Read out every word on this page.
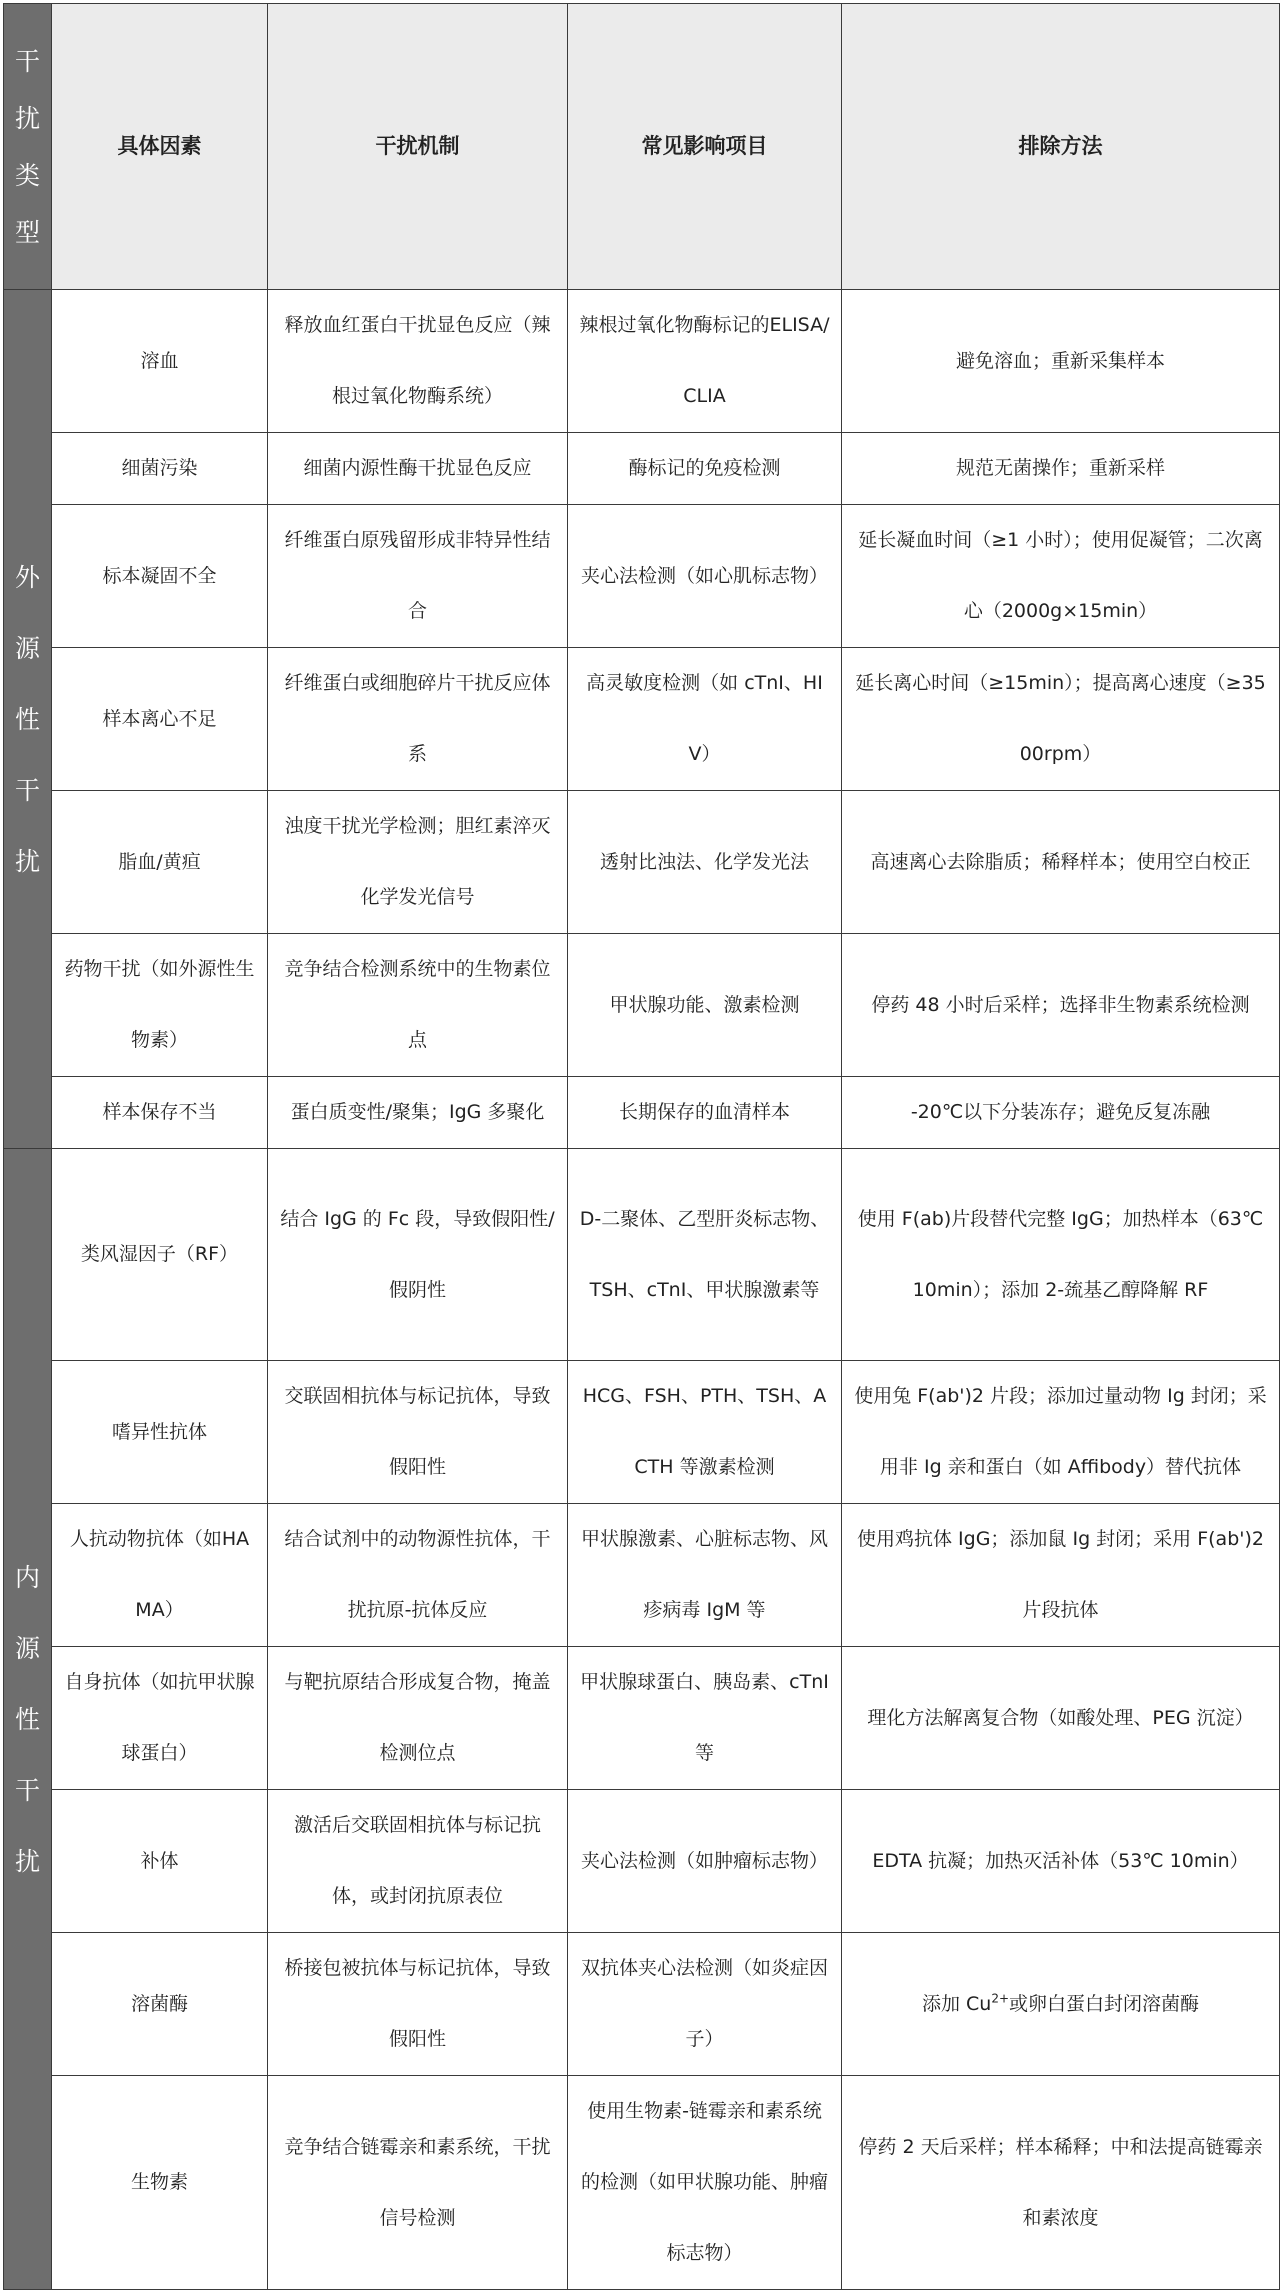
干 扰 类 型	具体因素	干扰机制	常见影响项目	排除方法

外
源
性
干
扰	溶血	释放血红蛋白干扰显色反应（辣根过氧化物酶系统）	辣根过氧化物酶标记的ELISA/CLIA	避免溶血；重新采集样本
	细菌污染	细菌内源性酶干扰显色反应	酶标记的免疫检测	规范无菌操作；重新采样
	标本凝固不全	纤维蛋白原残留形成非特异性结合	夹心法检测（如心肌标志物）	延长凝血时间（≥1 小时）；使用促凝管；二次离心（2000g×15min）
	样本离心不足	纤维蛋白或细胞碎片干扰反应体系	高灵敏度检测（如 cTnI、HIV）	延长离心时间（≥15min）；提高离心速度（≥3500rpm）
	脂血/黄疸	浊度干扰光学检测；胆红素淬灭化学发光信号	透射比浊法、化学发光法	高速离心去除脂质；稀释样本；使用空白校正
	药物干扰（如外源性生物素）	竞争结合检测系统中的生物素位点	甲状腺功能、激素检测	停药 48 小时后采样；选择非生物素系统检测
	样本保存不当	蛋白质变性/聚集；IgG 多聚化	长期保存的血清样本	-20℃以下分装冻存；避免反复冻融

内
源
性
干
扰	类风湿因子（RF）	结合 IgG 的 Fc 段，导致假阳性/假阴性	D-二聚体、乙型肝炎标志物、TSH、cTnI、甲状腺激素等	使用 F(ab)片段替代完整 IgG；加热样本（63℃ 10min）；添加 2-巯基乙醇降解 RF
	嗜异性抗体	交联固相抗体与标记抗体，导致假阳性	HCG、FSH、PTH、TSH、ACTH 等激素检测	使用兔 F(ab')2 片段；添加过量动物 Ig 封闭；采用非 Ig 亲和蛋白（如 Affibody）替代抗体
	人抗动物抗体（如HAMA）	结合试剂中的动物源性抗体，干扰抗原-抗体反应	甲状腺激素、心脏标志物、风疹病毒 IgM 等	使用鸡抗体 IgG；添加鼠 Ig 封闭；采用 F(ab')2 片段抗体
	自身抗体（如抗甲状腺球蛋白）	与靶抗原结合形成复合物，掩盖检测位点	甲状腺球蛋白、胰岛素、cTnI 等	理化方法解离复合物（如酸处理、PEG 沉淀）
	补体	激活后交联固相抗体与标记抗体，或封闭抗原表位	夹心法检测（如肿瘤标志物）	EDTA 抗凝；加热灭活补体（53℃ 10min）
	溶菌酶	桥接包被抗体与标记抗体，导致假阳性	双抗体夹心法检测（如炎症因子）	添加 $Cu^{2+}$或卵白蛋白封闭溶菌酶
	生物素	竞争结合链霉亲和素系统，干扰信号检测	使用生物素-链霉亲和素系统的检测（如甲状腺功能、肿瘤标志物）	停药 2 天后采样；样本稀释；中和法提高链霉亲和素浓度
